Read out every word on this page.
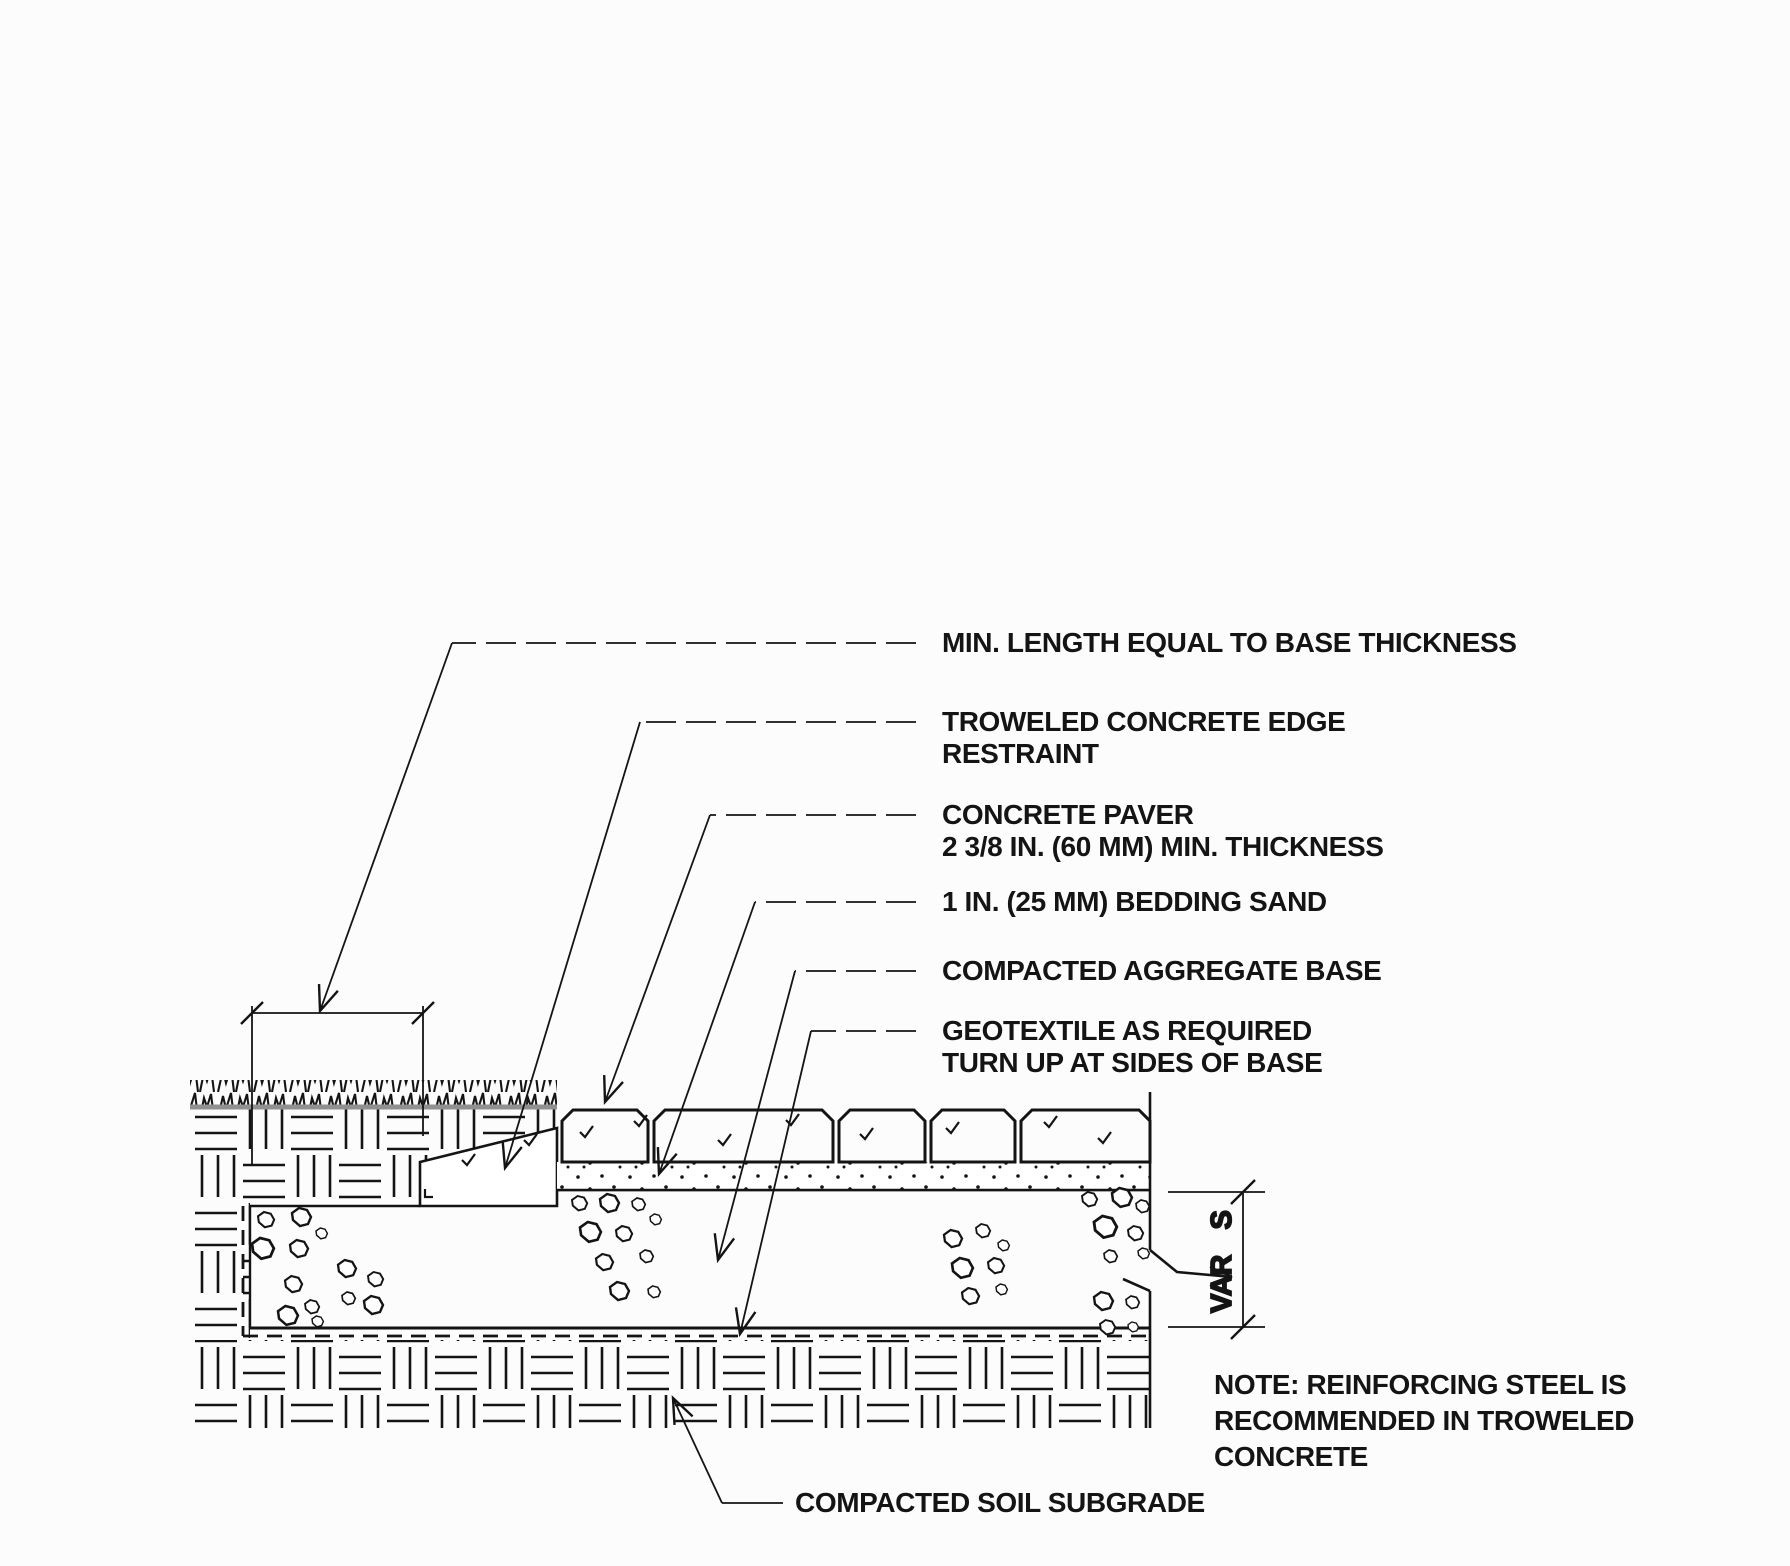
S
VAR
MIN. LENGTH EQUAL TO BASE THICKNESS
TROWELED CONCRETE EDGE
RESTRAINT
CONCRETE PAVER
2 3/8 IN. (60 MM) MIN. THICKNESS
1 IN. (25 MM) BEDDING SAND
COMPACTED AGGREGATE BASE
GEOTEXTILE AS REQUIRED
TURN UP AT SIDES OF BASE
NOTE: REINFORCING STEEL IS
RECOMMENDED IN TROWELED
CONCRETE
COMPACTED SOIL SUBGRADE
